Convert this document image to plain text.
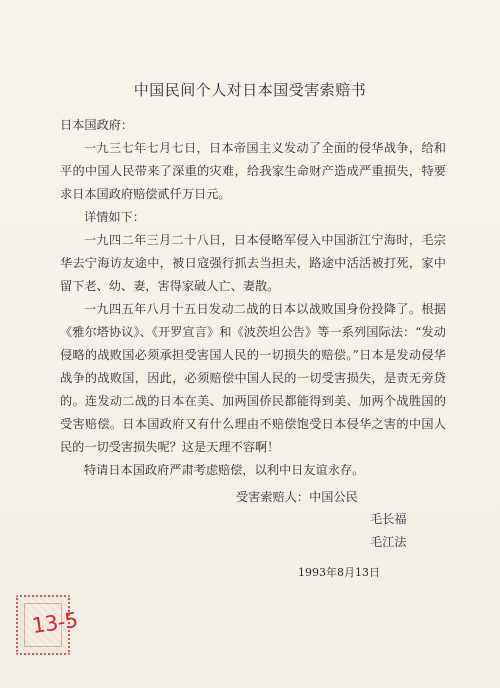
中国民间个人对日本国受害索赔书

日本国政府：

一九三七年七月七日，日本帝国主义发动了全面的侵华战争，给和平的中国人民带来了深重的灾难，给我家生命财产造成严重损失，特要求日本国政府赔偿贰仟万日元。

详情如下：

一九四二年三月二十八日，日本侵略军侵入中国浙江宁海时，毛宗华去宁海访友途中，被日寇强行抓去当担夫，路途中活活被打死，家中留下老、幼、妻，害得家破人亡、妻散。

一九四五年八月十五日发动二战的日本以战败国身份投降了。根据《雅尔塔协议》、《开罗宣言》和《波茨坦公告》等一系列国际法：“发动侵略的战败国必须承担受害国人民的一切损失的赔偿。”日本是发动侵华战争的战败国，因此，必须赔偿中国人民的一切受害损失，是责无旁贷的。连发动二战的日本在美、加两国侨民都能得到美、加两个战胜国的受害赔偿。日本国政府又有什么理由不赔偿饱受日本侵华之害的中国人民的一切受害损失呢？这是天理不容啊！

特请日本国政府严肃考虑赔偿，以利中日友谊永存。

受害索赔人：中国公民
毛长福
毛江法
1993年8月13日
13-5
